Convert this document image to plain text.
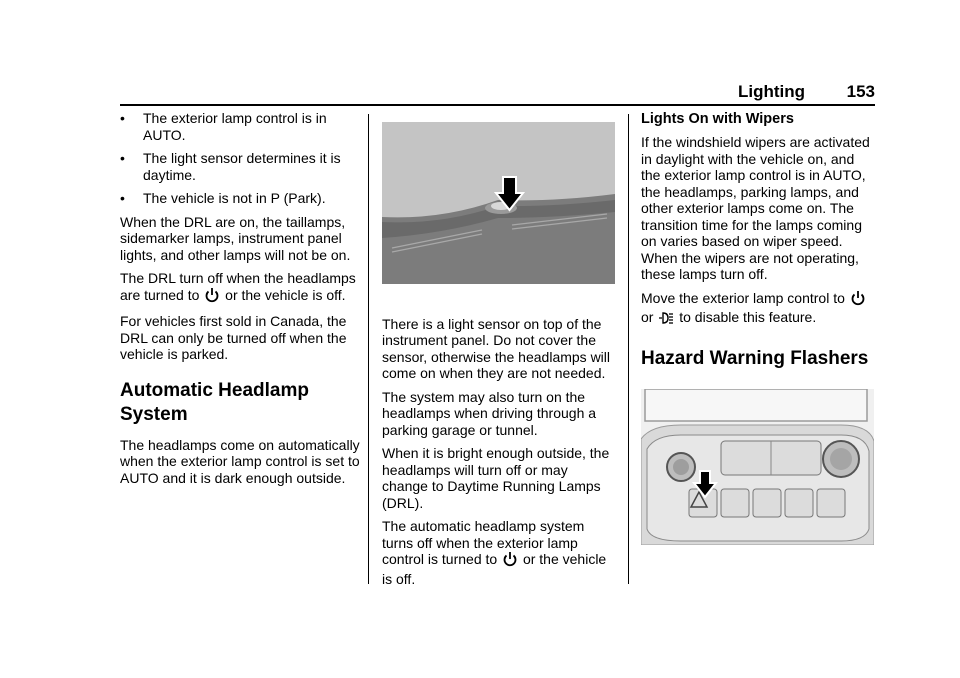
Lighting 153

• The exterior lamp control is in AUTO.

• The light sensor determines it is daytime.

• The vehicle is not in P (Park).

When the DRL are on, the taillamps, sidemarker lamps, instrument panel lights, and other lamps will not be on.

The DRL turn off when the headlamps are turned to or the vehicle is off.

For vehicles first sold in Canada, the DRL can only be turned off when the vehicle is parked.

Automatic Headlamp System

The headlamps come on automatically when the exterior lamp control is set to AUTO and it is dark enough outside.

There is a light sensor on top of the instrument panel. Do not cover the sensor, otherwise the headlamps will come on when they are not needed.

The system may also turn on the headlamps when driving through a parking garage or tunnel.

When it is bright enough outside, the headlamps will turn off or may change to Daytime Running Lamps (DRL).

The automatic headlamp system turns off when the exterior lamp control is turned to or the vehicle is off.

Lights On with Wipers

If the windshield wipers are activated in daylight with the vehicle on, and the exterior lamp control is in AUTO, the headlamps, parking lamps, and other exterior lamps come on. The transition time for the lamps coming on varies based on wiper speed. When the wipers are not operating, these lamps turn off.

Move the exterior lamp control to
or to disable this feature.

Hazard Warning Flashers
